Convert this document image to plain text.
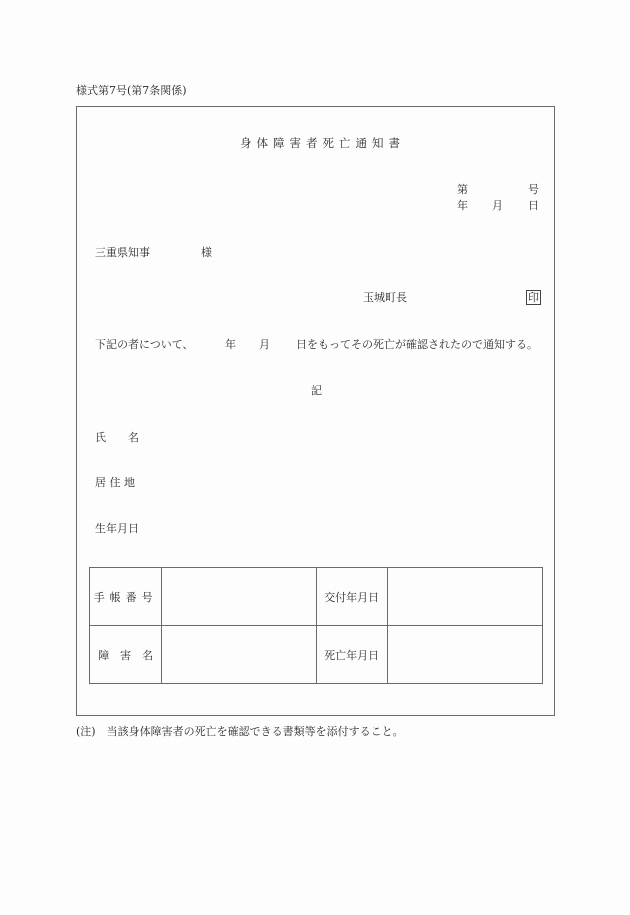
様式第7号(第7条関係)
身体障害者死亡通知書
第	号
年 月 日
三重県知事	様
玉城町長	印
下記の者について、	年 月 日をもってその死亡が確認されたので通知する。
記
氏　　名
居 住 地
生年月日
手帳番号		交付年月日	
障　害　名		死亡年月日	
(注)　当該身体障害者の死亡を確認できる書類等を添付すること。
